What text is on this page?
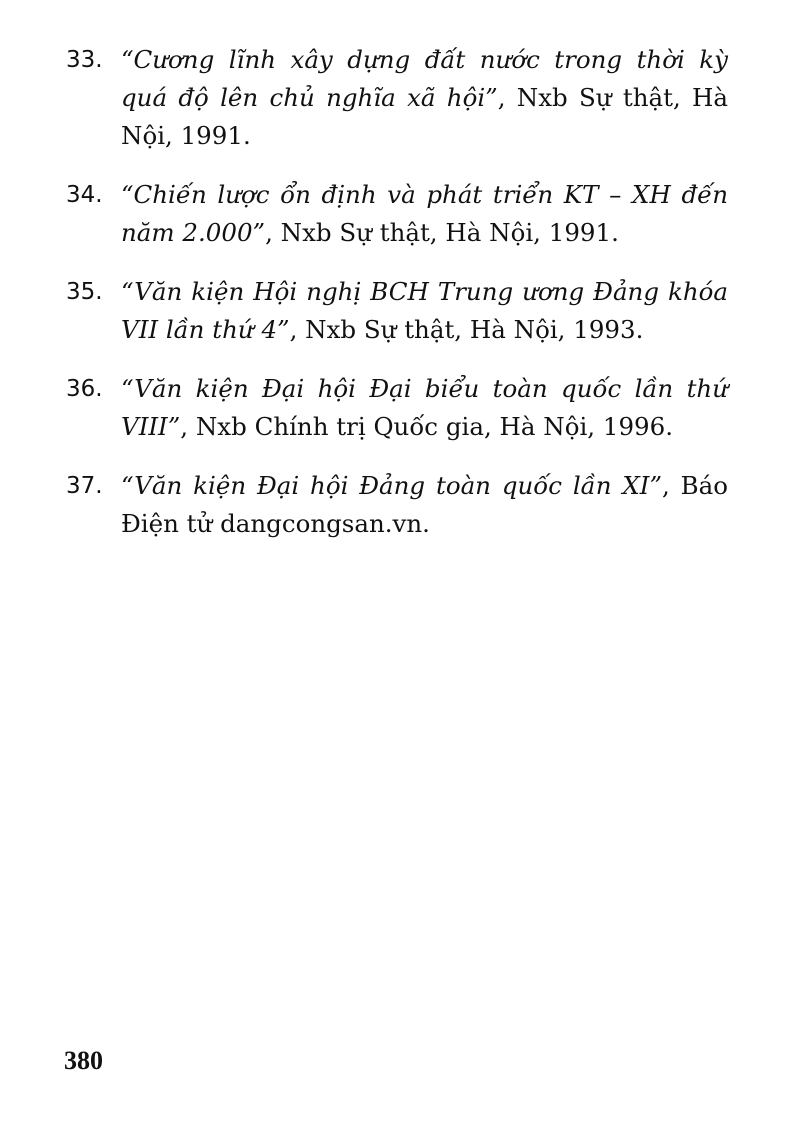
33. “Cương lĩnh xây dựng đất nước trong thời kỳ quá độ lên chủ nghĩa xã hội”, Nxb Sự thật, Hà Nội, 1991.
34. “Chiến lược ổn định và phát triển KT – XH đến năm 2.000”, Nxb Sự thật, Hà Nội, 1991.
35. “Văn kiện Hội nghị BCH Trung ương Đảng khóa VII lần thứ 4”, Nxb Sự thật, Hà Nội, 1993.
36. “Văn kiện Đại hội Đại biểu toàn quốc lần thứ VIII”, Nxb Chính trị Quốc gia, Hà Nội, 1996.
37. “Văn kiện Đại hội Đảng toàn quốc lần XI”, Báo Điện tử dangcongsan.vn.
380
